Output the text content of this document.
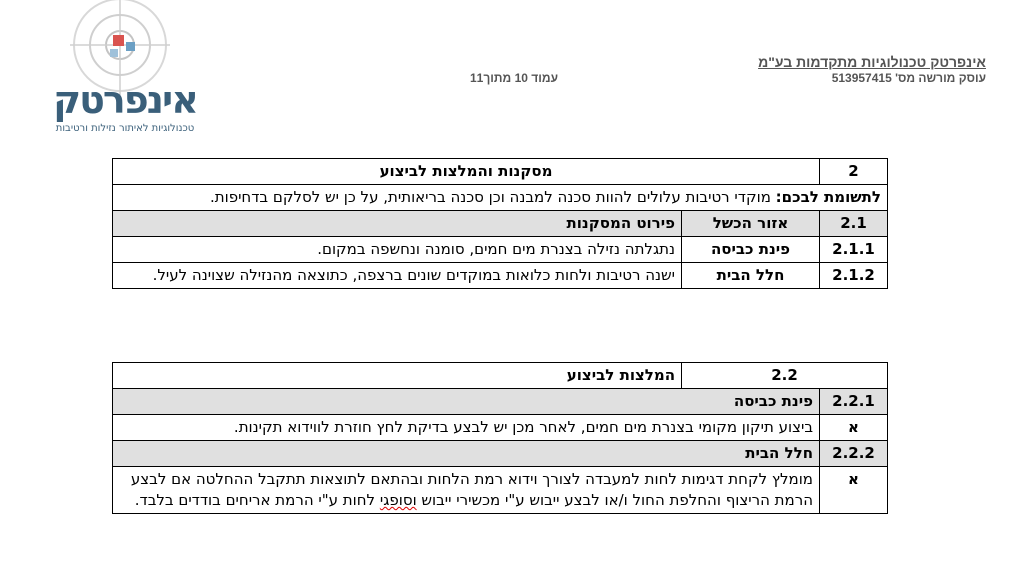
אינפרטק
טכנולוגיות לאיתור נזילות ורטיבות
אינפרטק טכנולוגיות מתקדמות בע"מ
עוסק מורשה מס' 513957415
עמוד 10 מתוך11
2	מסקנות והמלצות לביצוע	
לתשומת לבכם: מוקדי רטיבות עלולים להוות סכנה למבנה וכן סכנה בריאותית, על כן יש לסלקם בדחיפות.		
2.1	אזור הכשל	פירוט המסקנות
2.1.1	פינת כביסה	נתגלתה נזילה בצנרת מים חמים, סומנה ונחשפה במקום.
2.1.2	חלל הבית	ישנה רטיבות ולחות כלואות במוקדים שונים ברצפה, כתוצאה מהנזילה שצוינה לעיל.
2.2		המלצות לביצוע
2.2.1	פינת כביסה	
א	ביצוע תיקון מקומי בצנרת מים חמים, לאחר מכן יש לבצע בדיקת לחץ חוזרת לווידוא תקינות.	
2.2.2	חלל הבית	
א	מומלץ לקחת דגימות לחות למעבדה לצורך וידוא רמת הלחות ובהתאם לתוצאות תתקבל ההחלטה אם לבצע הרמת הריצוף והחלפת החול ו/או לבצע ייבוש ע"י מכשירי ייבוש וסופגי לחות ע"י הרמת אריחים בודדים בלבד.	
